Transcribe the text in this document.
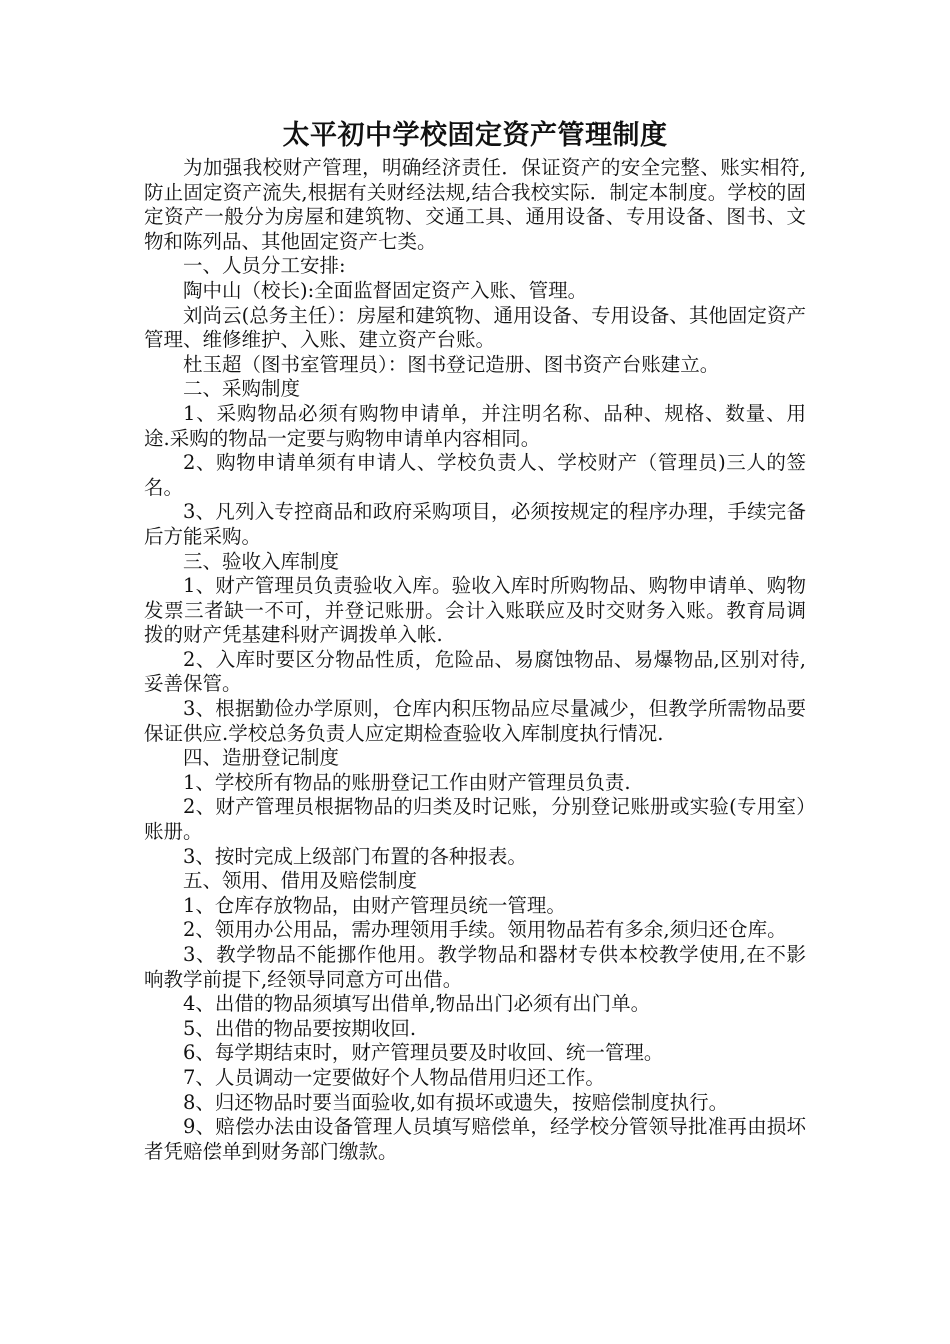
太平初中学校固定资产管理制度

为加强我校财产管理，明确经济责任．保证资产的安全完整、账实相符,防止固定资产流失,根据有关财经法规,结合我校实际．制定本制度。学校的固定资产一般分为房屋和建筑物、交通工具、通用设备、专用设备、图书、文物和陈列品、其他固定资产七类。

一、人员分工安排:

陶中山（校长):全面监督固定资产入账、管理。

刘尚云(总务主任）：房屋和建筑物、通用设备、专用设备、其他固定资产管理、维修维护、入账、建立资产台账。

杜玉超（图书室管理员）：图书登记造册、图书资产台账建立。

二、采购制度

1、采购物品必须有购物申请单，并注明名称、品种、规格、数量、用途.采购的物品一定要与购物申请单内容相同。

2、购物申请单须有申请人、学校负责人、学校财产（管理员)三人的签名。

3、凡列入专控商品和政府采购项目，必须按规定的程序办理，手续完备后方能采购。

三、验收入库制度

1、财产管理员负责验收入库。验收入库时所购物品、购物申请单、购物发票三者缺一不可，并登记账册。会计入账联应及时交财务入账。教育局调拨的财产凭基建科财产调拨单入帐.

2、入库时要区分物品性质，危险品、易腐蚀物品、易爆物品,区别对待,妥善保管。

3、根据勤俭办学原则，仓库内积压物品应尽量减少，但教学所需物品要保证供应.学校总务负责人应定期检查验收入库制度执行情况.

四、造册登记制度

1、学校所有物品的账册登记工作由财产管理员负责.

2、财产管理员根据物品的归类及时记账，分别登记账册或实验(专用室）账册。

3、按时完成上级部门布置的各种报表。

五、领用、借用及赔偿制度

1、仓库存放物品，由财产管理员统一管理。

2、领用办公用品，需办理领用手续。领用物品若有多余,须归还仓库。

3、教学物品不能挪作他用。教学物品和器材专供本校教学使用,在不影响教学前提下,经领导同意方可出借。

4、出借的物品须填写出借单,物品出门必须有出门单。

5、出借的物品要按期收回.

6、每学期结束时，财产管理员要及时收回、统一管理。

7、人员调动一定要做好个人物品借用归还工作。

8、归还物品时要当面验收,如有损坏或遗失，按赔偿制度执行。

9、赔偿办法由设备管理人员填写赔偿单，经学校分管领导批准再由损坏者凭赔偿单到财务部门缴款。
